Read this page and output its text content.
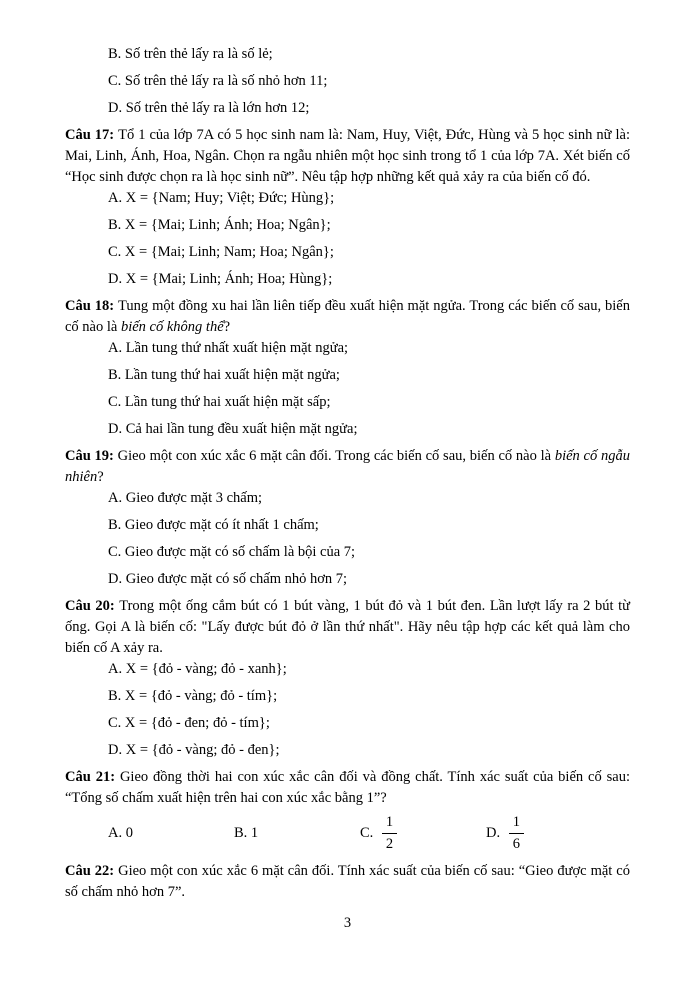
B. Số trên thẻ lấy ra là số lẻ;
C. Số trên thẻ lấy ra là số nhỏ hơn 11;
D. Số trên thẻ lấy ra là lớn hơn 12;

Câu 17: Tổ 1 của lớp 7A có 5 học sinh nam là: Nam, Huy, Việt, Đức, Hùng và 5 học sinh nữ là: Mai, Linh, Ánh, Hoa, Ngân. Chọn ra ngẫu nhiên một học sinh trong tổ 1 của lớp 7A. Xét biến cố “Học sinh được chọn ra là học sinh nữ”. Nêu tập hợp những kết quả xảy ra của biến cố đó.

A. X = {Nam; Huy; Việt; Đức; Hùng};
B. X = {Mai; Linh; Ánh; Hoa; Ngân};
C. X = {Mai; Linh; Nam; Hoa; Ngân};
D. X = {Mai; Linh; Ánh; Hoa; Hùng};

Câu 18: Tung một đồng xu hai lần liên tiếp đều xuất hiện mặt ngửa. Trong các biến cố sau, biến cố nào là biến cố không thể?

A. Lần tung thứ nhất xuất hiện mặt ngửa;
B. Lần tung thứ hai xuất hiện mặt ngửa;
C. Lần tung thứ hai xuất hiện mặt sấp;
D. Cả hai lần tung đều xuất hiện mặt ngửa;

Câu 19: Gieo một con xúc xắc 6 mặt cân đối. Trong các biến cố sau, biến cố nào là biến cố ngẫu nhiên?

A. Gieo được mặt 3 chấm;
B. Gieo được mặt có ít nhất 1 chấm;
C. Gieo được mặt có số chấm là bội của 7;
D. Gieo được mặt có số chấm nhỏ hơn 7;

Câu 20: Trong một ống cắm bút có 1 bút vàng, 1 bút đỏ và 1 bút đen. Lần lượt lấy ra 2 bút từ ống. Gọi A là biến cố: "Lấy được bút đỏ ở lần thứ nhất". Hãy nêu tập hợp các kết quả làm cho biến cố A xảy ra.

A. X = {đỏ - vàng; đỏ - xanh};
B. X = {đỏ - vàng; đỏ - tím};
C. X = {đỏ - đen; đỏ - tím};
D. X = {đỏ - vàng; đỏ - đen};

Câu 21: Gieo đồng thời hai con xúc xắc cân đối và đồng chất. Tính xác suất của biến cố sau: “Tổng số chấm xuất hiện trên hai con xúc xắc bằng 1”?

A. 0	B. 1	C. $\frac{1}{2}$	D. $\frac{1}{6}$

Câu 22: Gieo một con xúc xắc 6 mặt cân đối. Tính xác suất của biến cố sau: “Gieo được mặt có số chấm nhỏ hơn 7”.

3
